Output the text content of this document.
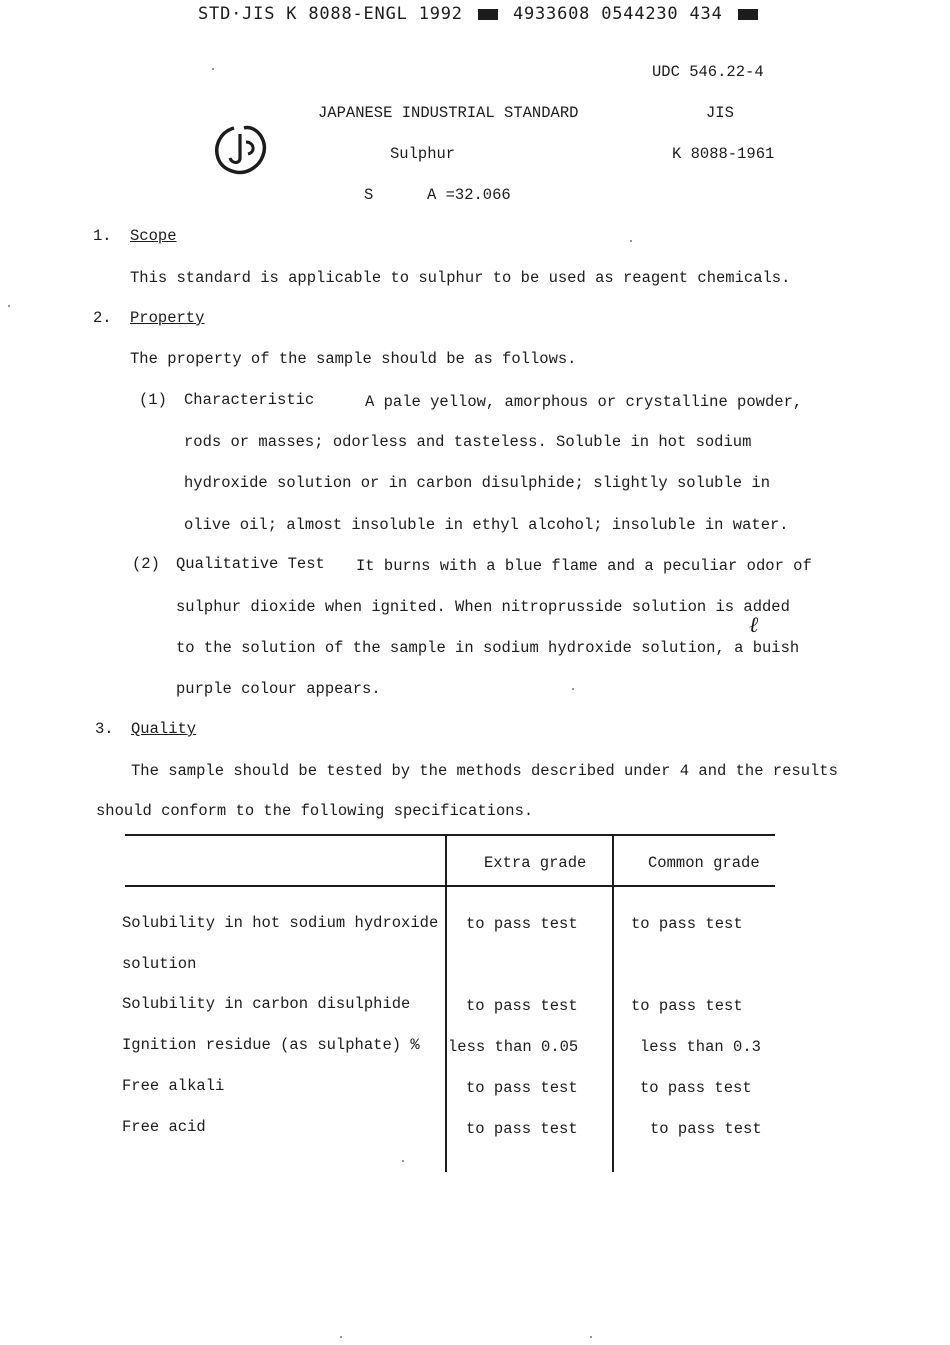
STD·JIS K 8088-ENGL 1992	4933608 0544230 434
UDC 546.22-4
JAPANESE INDUSTRIAL STANDARD	JIS
Sulphur	K 8088-1961
S	A =32.066
1. Scope
This standard is applicable to sulphur to be used as reagent chemicals.
2. Property
The property of the sample should be as follows.
(1) Characteristic	A pale yellow, amorphous or crystalline powder,
rods or masses; odorless and tasteless. Soluble in hot sodium
hydroxide solution or in carbon disulphide; slightly soluble in
olive oil; almost insoluble in ethyl alcohol; insoluble in water.
(2) Qualitative Test It burns with a blue flame and a peculiar odor of
sulphur dioxide when ignited. When nitroprusside solution is added
to the solution of the sample in sodium hydroxide solution, a buish
ℓ
purple colour appears.
3. Quality
The sample should be tested by the methods described under 4 and the results
should conform to the following specifications.
Extra grade	Common grade
Solubility in hot sodium hydroxide
solution
to pass test	to pass test
Solubility in carbon disulphide	to pass test	to pass test
Ignition residue (as sulphate) % less than 0.05	less than 0.3
Free alkali	to pass test	to pass test
Free acid	to pass test	to pass test
